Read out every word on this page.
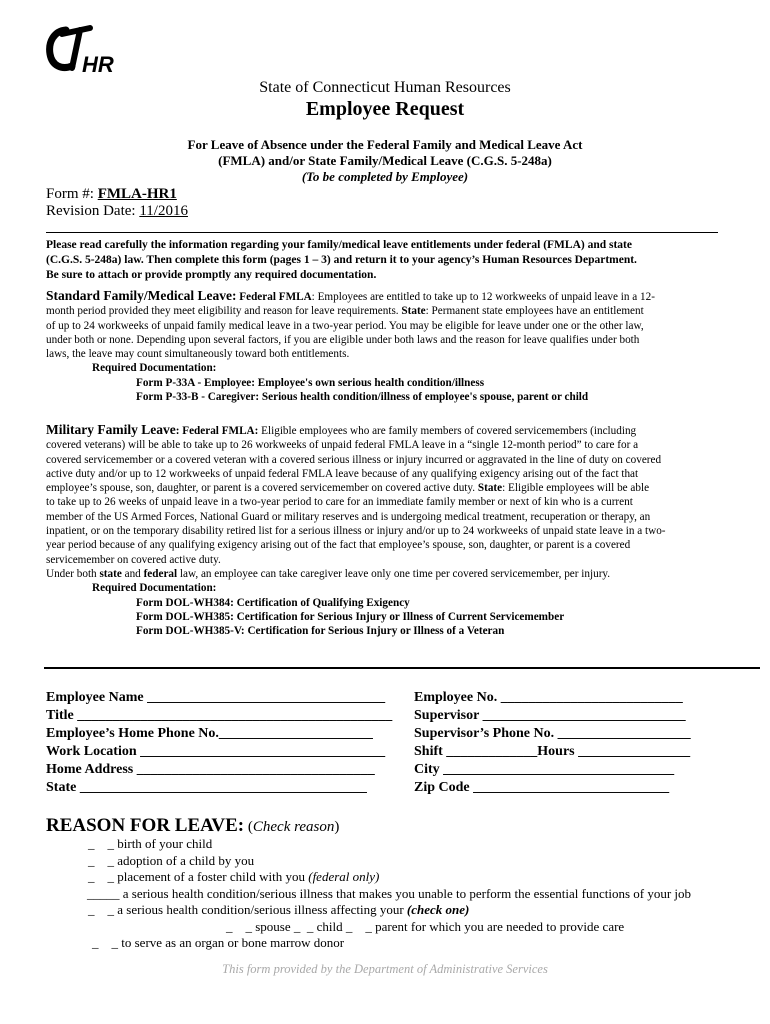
HR
State of Connecticut Human Resources
Employee Request
For Leave of Absence under the Federal Family and Medical Leave Act
(FMLA) and/or State Family/Medical Leave (C.G.S. 5-248a)
(To be completed by Employee)
Form #: FMLA-HR1
Revision Date: 11/2016
Please read carefully the information regarding your family/medical leave entitlements under federal (FMLA) and state
(C.G.S. 5-248a) law. Then complete this form (pages 1 – 3) and return it to your agency’s Human Resources Department.
Be sure to attach or provide promptly any required documentation.
Standard Family/Medical Leave: Federal FMLA: Employees are entitled to take up to 12 workweeks of unpaid leave in a 12-
month period provided they meet eligibility and reason for leave requirements. State: Permanent state employees have an entitlement
of up to 24 workweeks of unpaid family medical leave in a two-year period. You may be eligible for leave under one or the other law,
under both or none. Depending upon several factors, if you are eligible under both laws and the reason for leave qualifies under both
laws, the leave may count simultaneously toward both entitlements.
Required Documentation:
Form P-33A - Employee: Employee's own serious health condition/illness
Form P-33-B - Caregiver: Serious health condition/illness of employee's spouse, parent or child
Military Family Leave: Federal FMLA: Eligible employees who are family members of covered servicemembers (including
covered veterans) will be able to take up to 26 workweeks of unpaid federal FMLA leave in a “single 12-month period” to care for a
covered servicemember or a covered veteran with a covered serious illness or injury incurred or aggravated in the line of duty on covered
active duty and/or up to 12 workweeks of unpaid federal FMLA leave because of any qualifying exigency arising out of the fact that
employee’s spouse, son, daughter, or parent is a covered servicemember on covered active duty. State: Eligible employees will be able
to take up to 26 weeks of unpaid leave in a two-year period to care for an immediate family member or next of kin who is a current
member of the US Armed Forces, National Guard or military reserves and is undergoing medical treatment, recuperation or therapy, an
inpatient, or on the temporary disability retired list for a serious illness or injury and/or up to 24 workweeks of unpaid state leave in a two-
year period because of any qualifying exigency arising out of the fact that employee’s spouse, son, daughter, or parent is a covered
servicemember on covered active duty.
Under both state and federal law, an employee can take caregiver leave only one time per covered servicemember, per injury.
Required Documentation:
Form DOL-WH384: Certification of Qualifying Exigency
Form DOL-WH385: Certification for Serious Injury or Illness of Current Servicemember
Form DOL-WH385-V: Certification for Serious Injury or Illness of a Veteran
Employee Name __________________________________	Employee No. __________________________
Title _____________________________________________	Supervisor _____________________________
Employee’s Home Phone No.______________________	Supervisor’s Phone No. ___________________
Work Location ___________________________________	Shift _____________Hours ________________
Home Address __________________________________	City _________________________________
State _________________________________________	Zip Code ____________________________
REASON FOR LEAVE: (Check reason)
_    _ birth of your child
_    _ adoption of a child by you
_    _ placement of a foster child with you (federal only)
_____ a serious health condition/serious illness that makes you unable to perform the essential functions of your job
_    _ a serious health condition/serious illness affecting your (check one)
_    _ spouse _  _ child _    _ parent for which you are needed to provide care
_    _ to serve as an organ or bone marrow donor
This form provided by the Department of Administrative Services
